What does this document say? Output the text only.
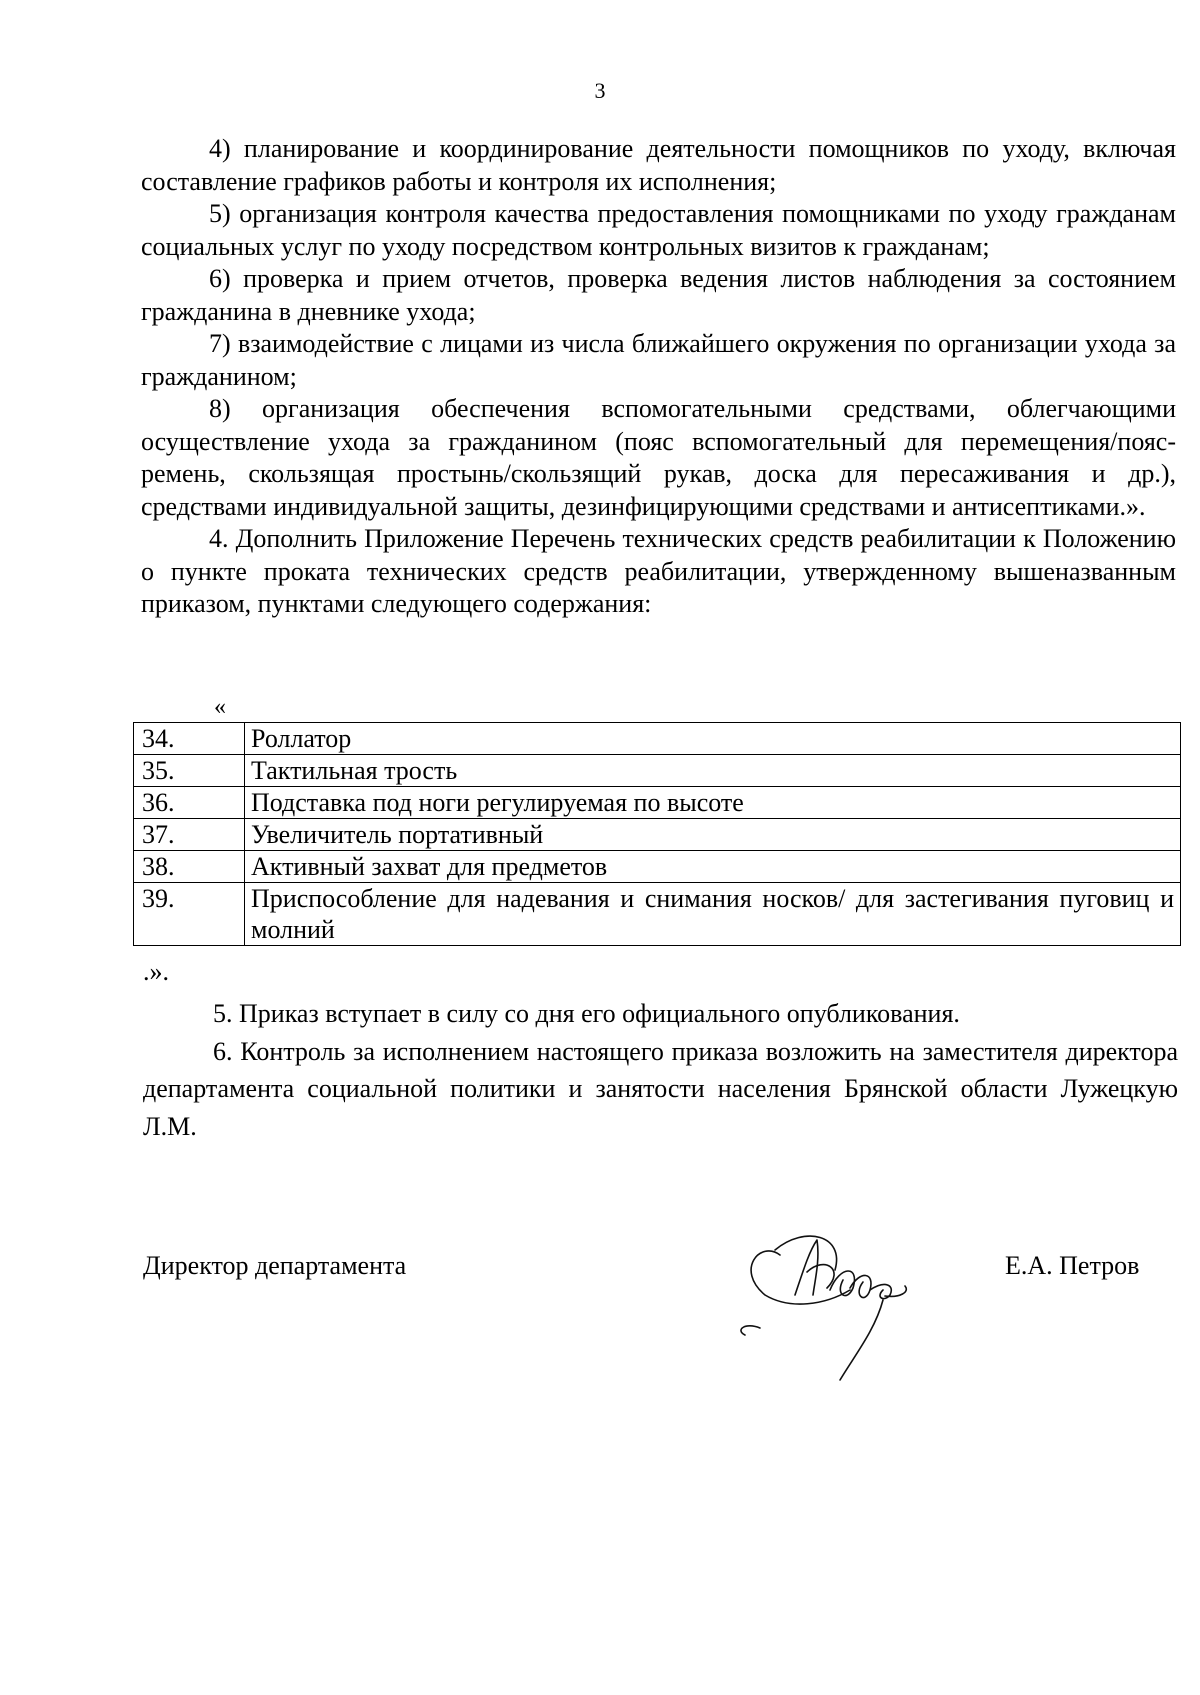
3

4) планирование и координирование деятельности помощников по уходу, включая составление графиков работы и контроля их исполнения;

5) организация контроля качества предоставления помощниками по уходу гражданам социальных услуг по уходу посредством контрольных визитов к гражданам;

6) проверка и прием отчетов, проверка ведения листов наблюдения за состоянием гражданина в дневнике ухода;

7) взаимодействие с лицами из числа ближайшего окружения по организации ухода за гражданином;

8) организация обеспечения вспомогательными средствами, облегчающими осуществление ухода за гражданином (пояс вспомогательный для перемещения/пояс-ремень, скользящая простынь/скользящий рукав, доска для пересаживания и др.), средствами индивидуальной защиты, дезинфицирующими средствами и антисептиками.».

4. Дополнить Приложение Перечень технических средств реабилитации к Положению о пункте проката технических средств реабилитации, утвержденному вышеназванным приказом, пунктами следующего содержания:

«
34.	Роллатор
35.	Тактильная трость
36.	Подставка под ноги регулируемая по высоте
37.	Увеличитель портативный
38.	Активный захват для предметов
39.	Приспособление для надевания и снимания носков/ для застегивания пуговиц и молний
.».

5. Приказ вступает в силу со дня его официального опубликования.

6. Контроль за исполнением настоящего приказа возложить на заместителя директора департамента социальной политики и занятости населения Брянской области Лужецкую Л.М.

Директор департамента	Е.А. Петров
